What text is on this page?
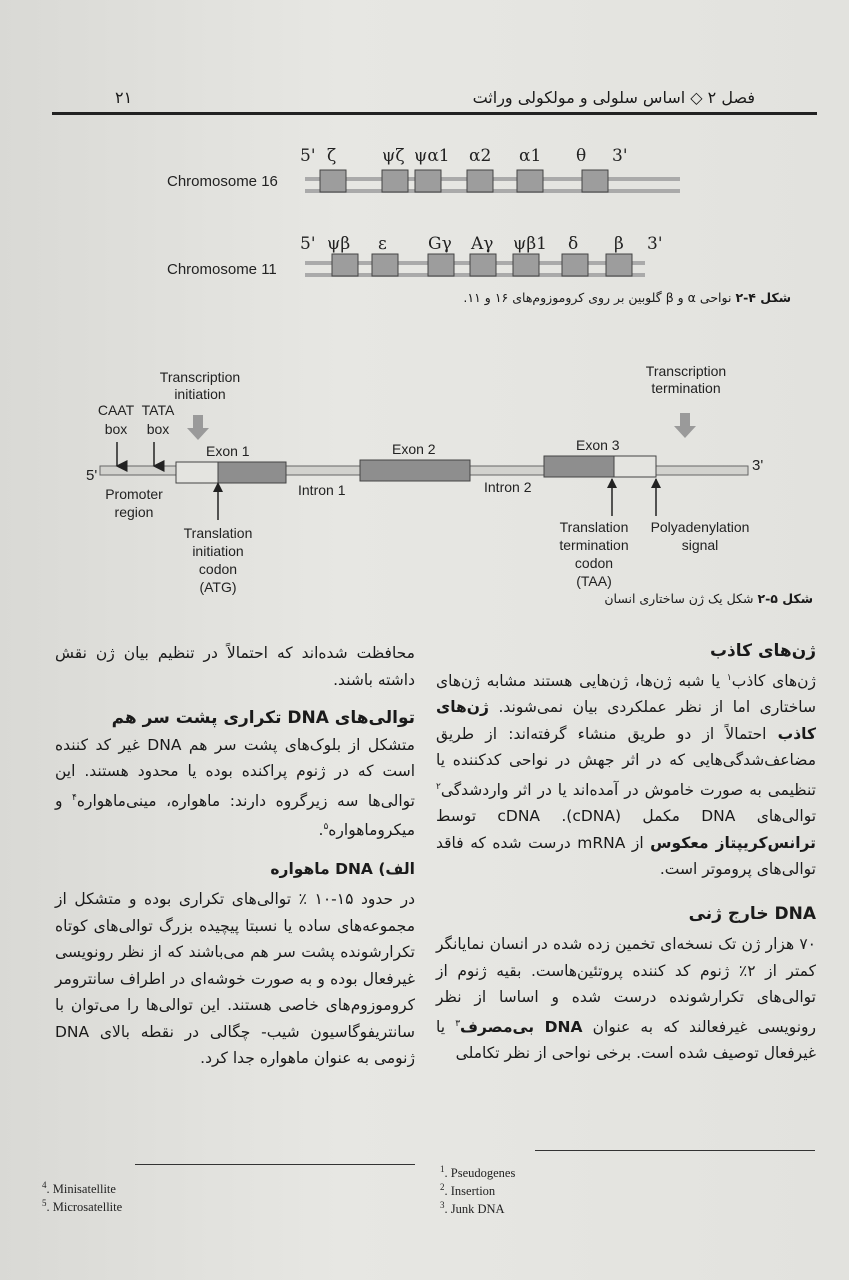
۲۱	فصل ۲ ◇ اساس سلولی و مولکولی وراثت
Chromosome 16
5' ζ	ψζ ψα1 α2 α1 θ 3'
Chromosome 11
5' ψβ ε Gγ Aγ ψβ1 δ β 3'
شکل ۴-۲ نواحی α و β گلوبین بر روی کروموزوم‌های ۱۶ و ۱۱.
5'
3'
Transcription
initiation
Transcription
termination
CAAT
box
TATA
box
Exon 1	Exon 2	Exon 3
Intron 1	Intron 2
Promoter
region
Translation
initiation
codon
(ATG)
Translation
termination
codon
(TAA)
Polyadenylation
signal
شکل ۵-۲ شکل یک ژن ساختاری انسان

محافظت شده‌اند که احتمالاً در تنظیم بیان ژن نقش داشته باشند.

توالی‌های DNA تکراری پشت سر هم

متشکل از بلوک‌های پشت سر هم DNA غیر کد کننده است که در ژنوم پراکنده بوده یا محدود هستند. این توالی‌ها سه زیرگروه دارند: ماهواره، مینی‌ماهواره$^۴$ و میکروماهواره$^۵$.

الف) DNA ماهواره

در حدود ۱۵-۱۰ ٪ توالی‌های تکراری بوده و متشکل از مجموعه‌های ساده یا نسبتا پیچیده بزرگ توالی‌های کوتاه تکرارشونده پشت سر هم می‌باشند که از نظر رونویسی غیرفعال بوده و به صورت خوشه‌ای در اطراف سانترومر کروموزوم‌های خاصی هستند. این توالی‌ها را می‌توان با سانتریفوگاسیون شیب- چگالی در نقطه بالای DNA ژنومی به عنوان ماهواره جدا کرد.

ژن‌های کاذب

ژن‌های کاذب$^۱$ یا شبه ژن‌ها، ژن‌هایی هستند مشابه ژن‌های ساختاری اما از نظر عملکردی بیان نمی‌شوند. ژن‌های کاذب احتمالاً از دو طریق منشاء گرفته‌اند: از طریق مضاعف‌شدگی‌هایی که در اثر جهش در نواحی کدکننده یا تنظیمی به صورت خاموش در آمده‌اند یا در اثر واردشدگی$^۲$ توالی‌های DNA مکمل (cDNA). cDNA توسط ترانس‌کریپتاز معکوس از mRNA درست شده که فاقد توالی‌های پروموتر است.

DNA خارج ژنی

۷۰ هزار ژن تک نسخه‌ای تخمین زده شده در انسان نمایانگر کمتر از ۲٪ ژنوم کد کننده پروتئین‌هاست. بقیه ژنوم از توالی‌های تکرارشونده درست شده و اساسا از نظر رونویسی غیرفعالند که به عنوان DNA بی‌مصرف$^۳$ یا غیرفعال توصیف شده است. برخی نواحی از نظر تکاملی

$^4$. Minisatellite
$^5$. Microsatellite
$^1$. Pseudogenes
$^2$. Insertion
$^3$. Junk DNA
